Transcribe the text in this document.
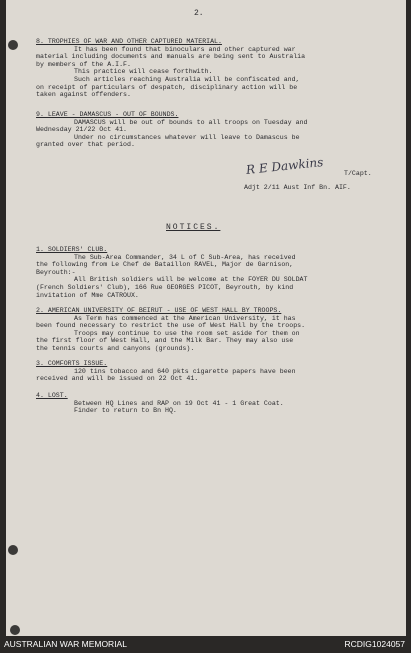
2.
8. TROPHIES OF WAR AND OTHER CAPTURED MATERIAL.
It has been found that binoculars and other captured war
material including documents and manuals are being sent to Australia
by members of the A.I.F.
This practice will cease forthwith.
Such articles reaching Australia will be confiscated and,
on receipt of particulars of despatch, disciplinary action will be
taken against offenders.
9. LEAVE - DAMASCUS - OUT OF BOUNDS.
DAMASCUS will be out of bounds to all troops on Tuesday and
Wednesday 21/22 Oct 41.
Under no circumstances whatever will leave to Damascus be
granted over that period.
R E Dawkins	T/Capt.
Adjt 2/11 Aust Inf Bn. AIF.
NOTICES.
1. SOLDIERS' CLUB.
The Sub-Area Commander, 34 L of C Sub-Area, has received
the following from Le Chef de Bataillon RAVEL, Major de Garnison,
Beyrouth:-
All British soldiers will be welcome at the FOYER DU SOLDAT
(French Soldiers' Club), 166 Rue GEORGES PICOT, Beyrouth, by kind
invitation of Mme CATROUX.
2. AMERICAN UNIVERSITY OF BEIRUT - USE OF WEST HALL BY TROOPS.
As Term has commenced at the American University, it has
been found necessary to restrict the use of West Hall by the troops.
Troops may continue to use the room set aside for them on
the first floor of West Hall, and the Milk Bar. They may also use
the tennis courts and canyons (grounds).
3. COMFORTS ISSUE.
120 tins tobacco and 640 pkts cigarette papers have been
received and will be issued on 22 Oct 41.
4. LOST.
Between HQ Lines and RAP on 19 Oct 41 - 1 Great Coat.
Finder to return to Bn HQ.
AUSTRALIAN WAR MEMORIAL	RCDIG1024057
